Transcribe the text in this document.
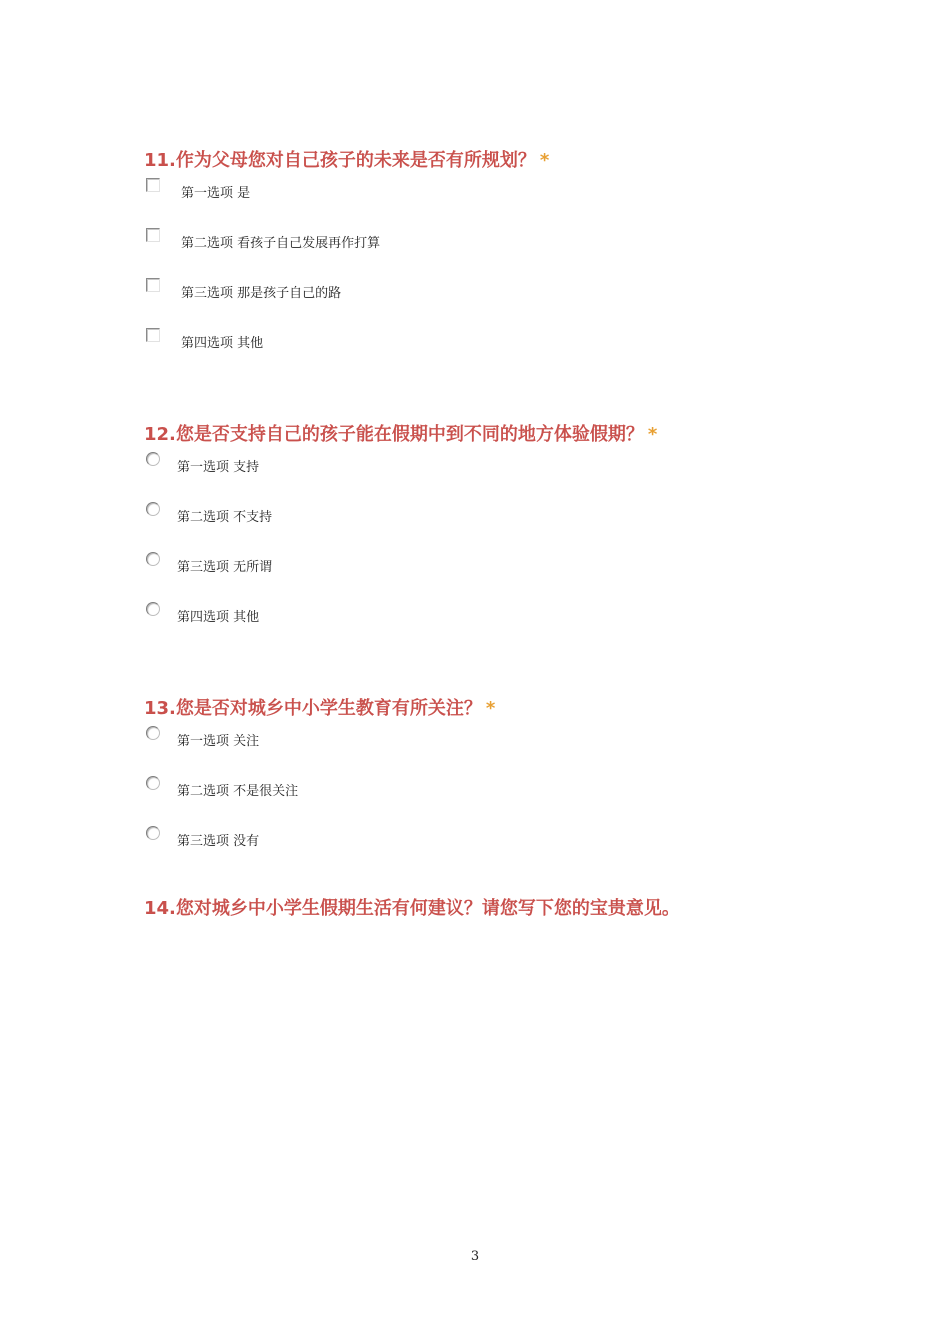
11.作为父母您对自己孩子的未来是否有所规划？ *
第一选项 是
第二选项 看孩子自己发展再作打算
第三选项 那是孩子自己的路
第四选项 其他
12.您是否支持自己的孩子能在假期中到不同的地方体验假期？ *
第一选项 支持
第二选项 不支持
第三选项 无所谓
第四选项 其他
13.您是否对城乡中小学生教育有所关注？ *
第一选项 关注
第二选项 不是很关注
第三选项 没有
14.您对城乡中小学生假期生活有何建议？请您写下您的宝贵意见。
3
